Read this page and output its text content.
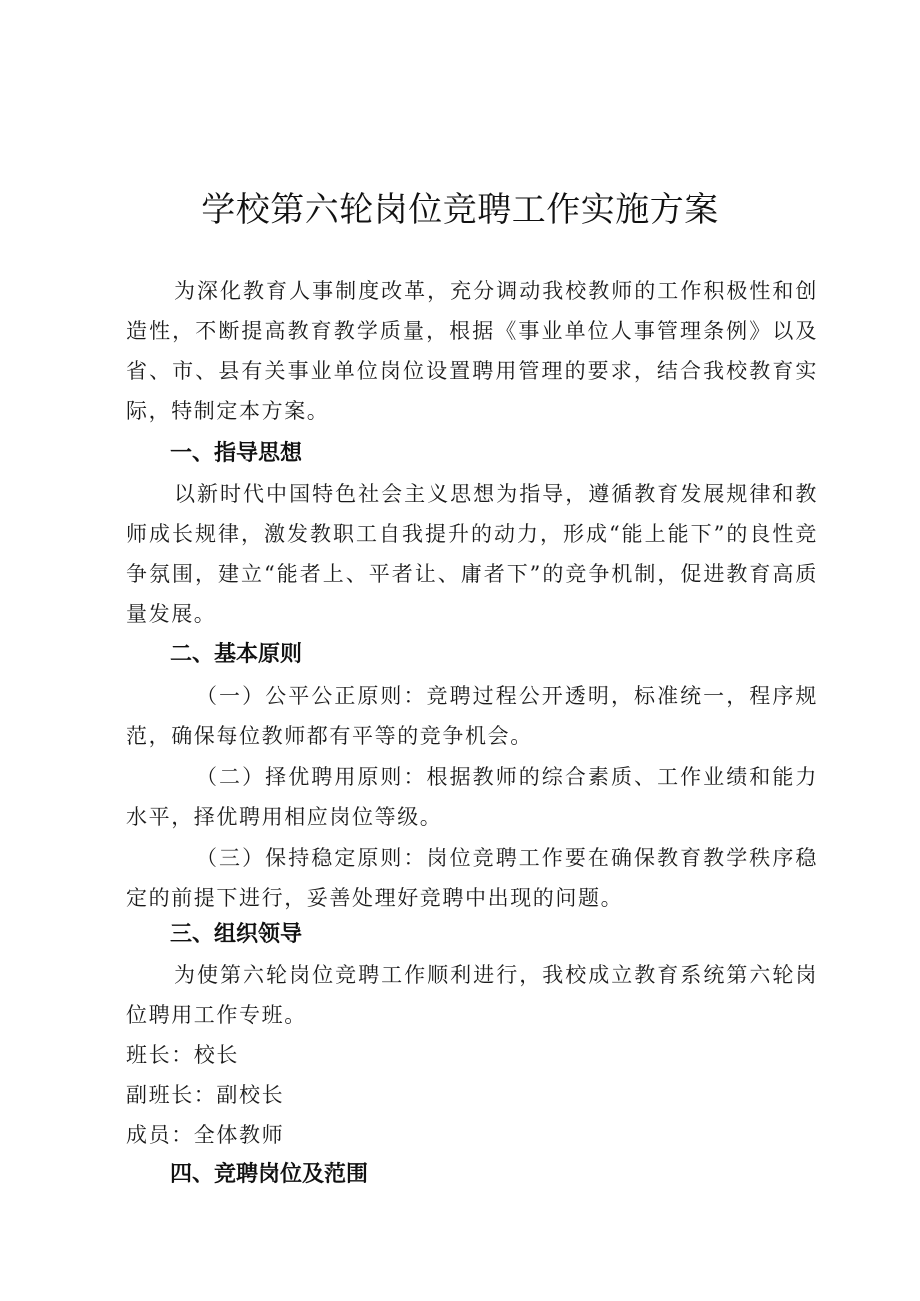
学校第六轮岗位竞聘工作实施方案

为深化教育人事制度改革，充分调动我校教师的工作积极性和创造性，不断提高教育教学质量，根据《事业单位人事管理条例》以及省、市、县有关事业单位岗位设置聘用管理的要求，结合我校教育实际，特制定本方案。

一、指导思想

以新时代中国特色社会主义思想为指导，遵循教育发展规律和教师成长规律，激发教职工自我提升的动力，形成“能上能下”的良性竞争氛围，建立“能者上、平者让、庸者下”的竞争机制，促进教育高质量发展。

二、基本原则

（一）公平公正原则：竞聘过程公开透明，标准统一，程序规范，确保每位教师都有平等的竞争机会。

（二）择优聘用原则：根据教师的综合素质、工作业绩和能力水平，择优聘用相应岗位等级。

（三）保持稳定原则：岗位竞聘工作要在确保教育教学秩序稳定的前提下进行，妥善处理好竞聘中出现的问题。

三、组织领导

为使第六轮岗位竞聘工作顺利进行，我校成立教育系统第六轮岗位聘用工作专班。

班长：校长

副班长：副校长

成员：全体教师

四、竞聘岗位及范围
